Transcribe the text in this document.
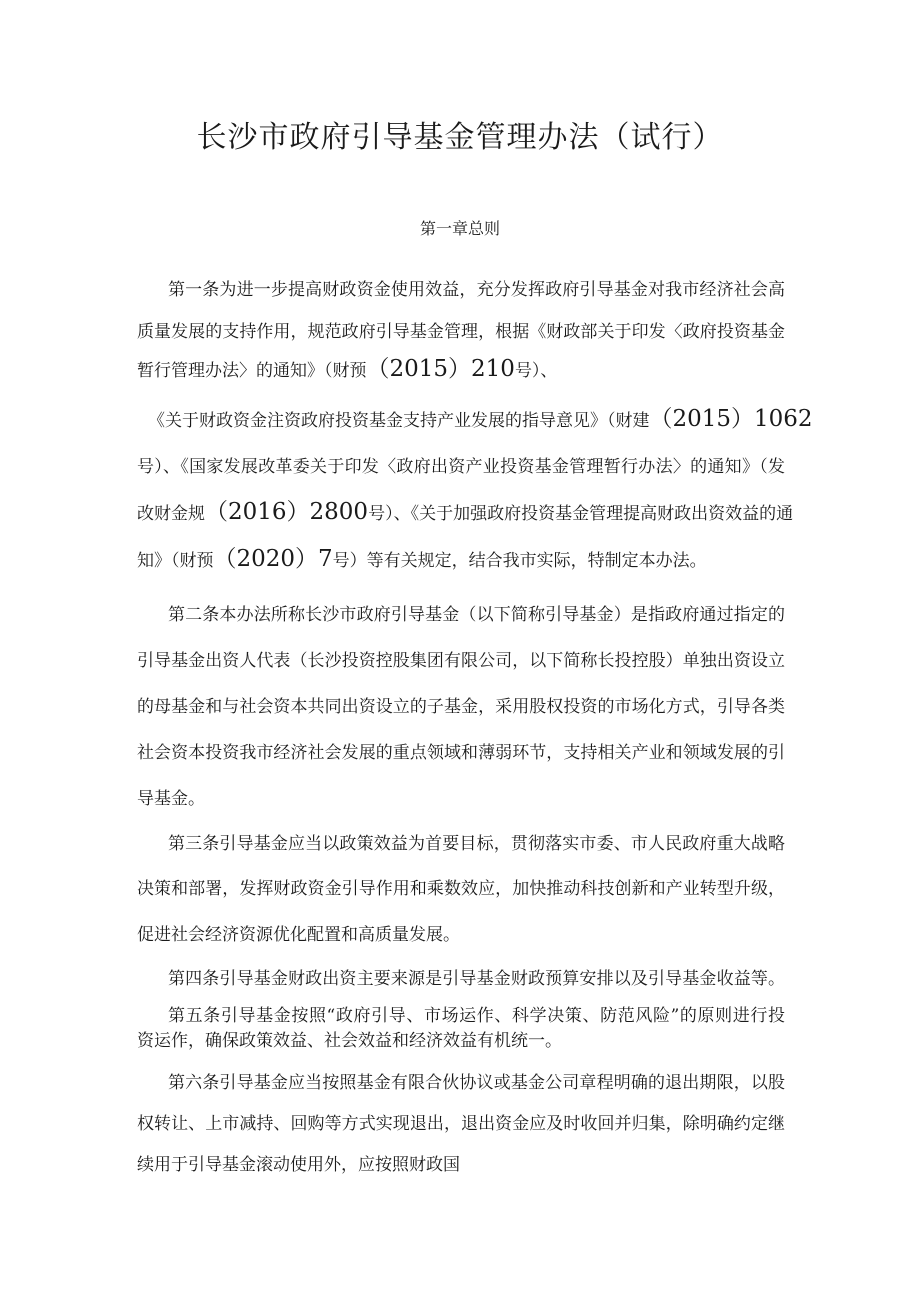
长沙市政府引导基金管理办法（试行）
第一章总则

第一条为进一步提高财政资金使用效益，充分发挥政府引导基金对我市经济社会高

质量发展的支持作用，规范政府引导基金管理，根据《财政部关于印发〈政府投资基金

暂行管理办法〉的通知》（财预（2015）210号）、

《关于财政资金注资政府投资基金支持产业发展的指导意见》（财建（2015）1062

号）、《国家发展改革委关于印发〈政府出资产业投资基金管理暂行办法〉的通知》（发

改财金规（2016）2800号）、《关于加强政府投资基金管理提高财政出资效益的通

知》（财预（2020）7号）等有关规定，结合我市实际，特制定本办法。

第二条本办法所称长沙市政府引导基金（以下简称引导基金）是指政府通过指定的

引导基金出资人代表（长沙投资控股集团有限公司，以下简称长投控股）单独出资设立

的母基金和与社会资本共同出资设立的子基金，采用股权投资的市场化方式，引导各类

社会资本投资我市经济社会发展的重点领域和薄弱环节，支持相关产业和领域发展的引

导基金。

第三条引导基金应当以政策效益为首要目标，贯彻落实市委、市人民政府重大战略

决策和部署，发挥财政资金引导作用和乘数效应，加快推动科技创新和产业转型升级，

促进社会经济资源优化配置和高质量发展。

第四条引导基金财政出资主要来源是引导基金财政预算安排以及引导基金收益等。

第五条引导基金按照“政府引导、市场运作、科学决策、防范风险”的原则进行投

资运作，确保政策效益、社会效益和经济效益有机统一。

第六条引导基金应当按照基金有限合伙协议或基金公司章程明确的退出期限，以股

权转让、上市减持、回购等方式实现退出，退出资金应及时收回并归集，除明确约定继

续用于引导基金滚动使用外，应按照财政国
